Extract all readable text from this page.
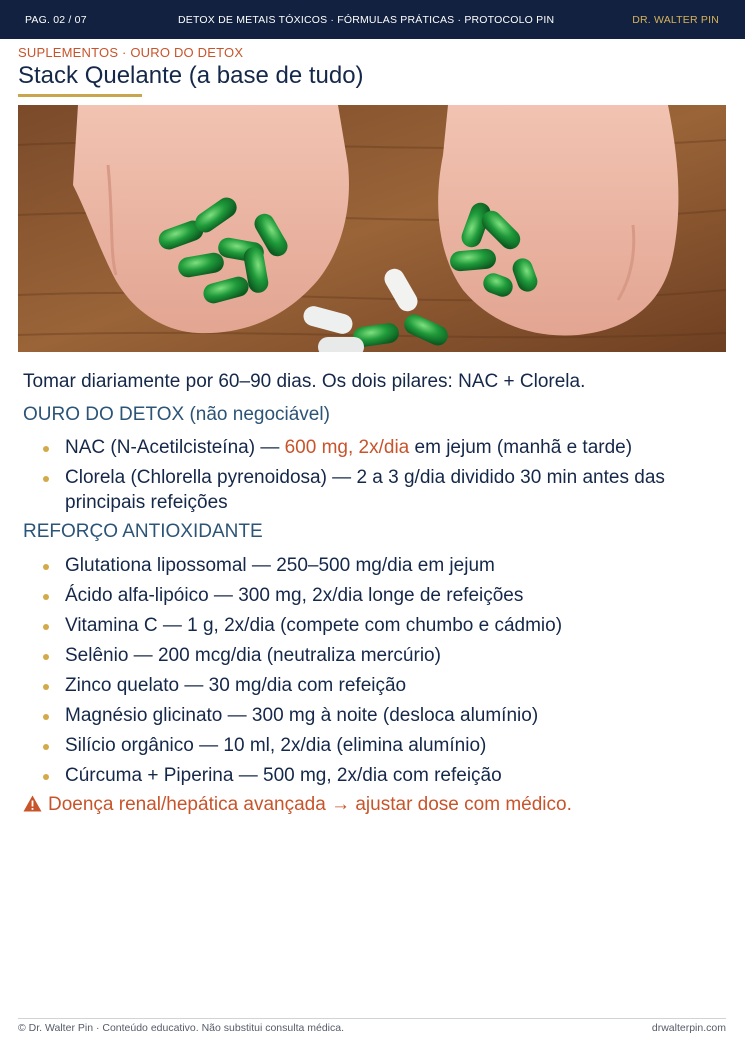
PAG. 02 / 07	DETOX DE METAIS TÓXICOS · FÓRMULAS PRÁTICAS · PROTOCOLO PIN	DR. WALTER PIN
SUPLEMENTOS · OURO DO DETOX
Stack Quelante (a base de tudo)
Tomar diariamente por 60–90 dias. Os dois pilares: NAC + Clorela.
OURO DO DETOX (não negociável)
NAC (N-Acetilcisteína) — 600 mg, 2x/dia em jejum (manhã e tarde)
Clorela (Chlorella pyrenoidosa) — 2 a 3 g/dia dividido 30 min antes das principais refeições
REFORÇO ANTIOXIDANTE
Glutationa lipossomal — 250–500 mg/dia em jejum
Ácido alfa-lipóico — 300 mg, 2x/dia longe de refeições
Vitamina C — 1 g, 2x/dia (compete com chumbo e cádmio)
Selênio — 200 mcg/dia (neutraliza mercúrio)
Zinco quelato — 30 mg/dia com refeição
Magnésio glicinato — 300 mg à noite (desloca alumínio)
Silício orgânico — 10 ml, 2x/dia (elimina alumínio)
Cúrcuma + Piperina — 500 mg, 2x/dia com refeição
Doença renal/hepática avançada → ajustar dose com médico.
© Dr. Walter Pin · Conteúdo educativo. Não substitui consulta médica.	drwalterpin.com
